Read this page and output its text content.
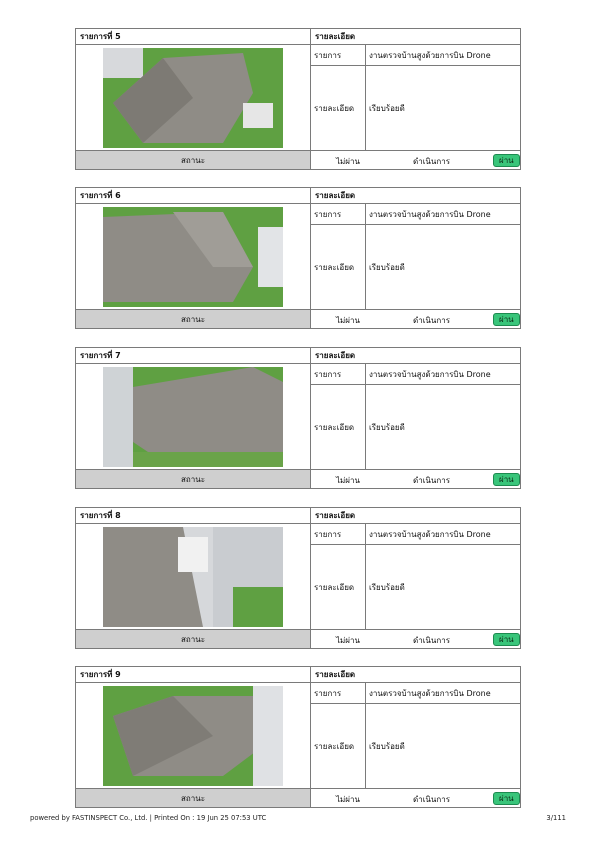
รายการที่ 5	รายละเอียด	

	รายการ	งานตรวจบ้านสูงด้วยการบิน Drone
	รายละเอียด	เรียบร้อยดี
สถานะ	ไม่ผ่าน ดำเนินการ ผ่าน	
รายการที่ 6	รายละเอียด	

	รายการ	งานตรวจบ้านสูงด้วยการบิน Drone
	รายละเอียด	เรียบร้อยดี
สถานะ	ไม่ผ่าน ดำเนินการ ผ่าน	
รายการที่ 7	รายละเอียด	

	รายการ	งานตรวจบ้านสูงด้วยการบิน Drone
	รายละเอียด	เรียบร้อยดี
สถานะ	ไม่ผ่าน ดำเนินการ ผ่าน	
รายการที่ 8	รายละเอียด	

	รายการ	งานตรวจบ้านสูงด้วยการบิน Drone
	รายละเอียด	เรียบร้อยดี
สถานะ	ไม่ผ่าน ดำเนินการ ผ่าน	
รายการที่ 9	รายละเอียด	

	รายการ	งานตรวจบ้านสูงด้วยการบิน Drone
	รายละเอียด	เรียบร้อยดี
สถานะ	ไม่ผ่าน ดำเนินการ ผ่าน	
powered by FASTINSPECT Co., Ltd. | Printed On : 19 Jun 25 07:53 UTC	3/111
